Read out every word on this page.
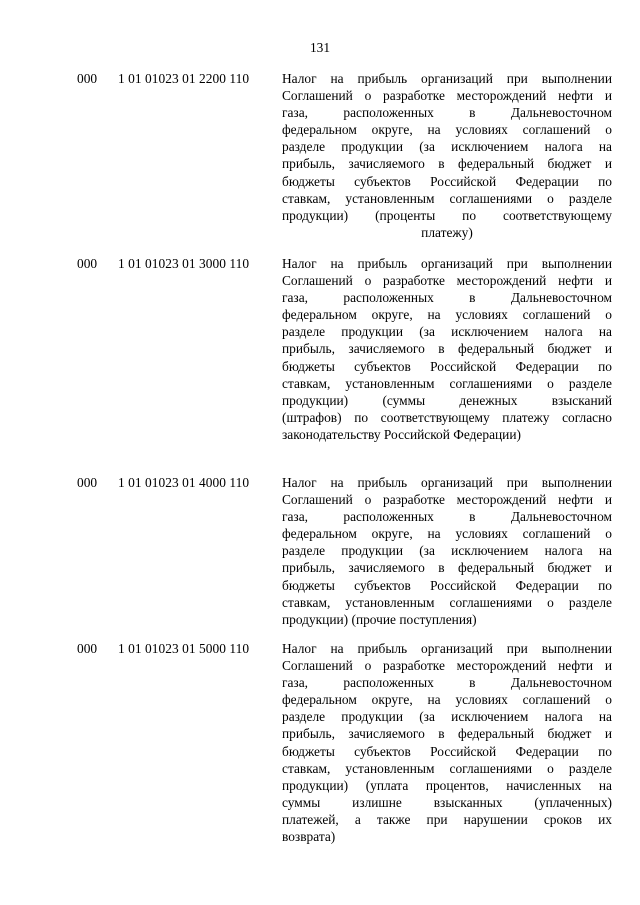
131
000 1 01 01023 01 2200 110 Налог на прибыль организаций при выполнении
Соглашений о разработке месторождений нефти и
газа, расположенных в Дальневосточном
федеральном округе, на условиях соглашений о
разделе продукции (за исключением налога на
прибыль, зачисляемого в федеральный бюджет и
бюджеты субъектов Российской Федерации по
ставкам, установленным соглашениями о разделе
продукции) (проценты по соответствующему
платежу)
000 1 01 01023 01 3000 110 Налог на прибыль организаций при выполнении
Соглашений о разработке месторождений нефти и
газа, расположенных в Дальневосточном
федеральном округе, на условиях соглашений о
разделе продукции (за исключением налога на
прибыль, зачисляемого в федеральный бюджет и
бюджеты субъектов Российской Федерации по
ставкам, установленным соглашениями о разделе
продукции) (суммы денежных взысканий
(штрафов) по соответствующему платежу согласно
законодательству Российской Федерации)
000 1 01 01023 01 4000 110 Налог на прибыль организаций при выполнении
Соглашений о разработке месторождений нефти и
газа, расположенных в Дальневосточном
федеральном округе, на условиях соглашений о
разделе продукции (за исключением налога на
прибыль, зачисляемого в федеральный бюджет и
бюджеты субъектов Российской Федерации по
ставкам, установленным соглашениями о разделе
продукции) (прочие поступления)
000 1 01 01023 01 5000 110 Налог на прибыль организаций при выполнении
Соглашений о разработке месторождений нефти и
газа, расположенных в Дальневосточном
федеральном округе, на условиях соглашений о
разделе продукции (за исключением налога на
прибыль, зачисляемого в федеральный бюджет и
бюджеты субъектов Российской Федерации по
ставкам, установленным соглашениями о разделе
продукции) (уплата процентов, начисленных на
суммы излишне взысканных (уплаченных)
платежей, а также при нарушении сроков их
возврата)
